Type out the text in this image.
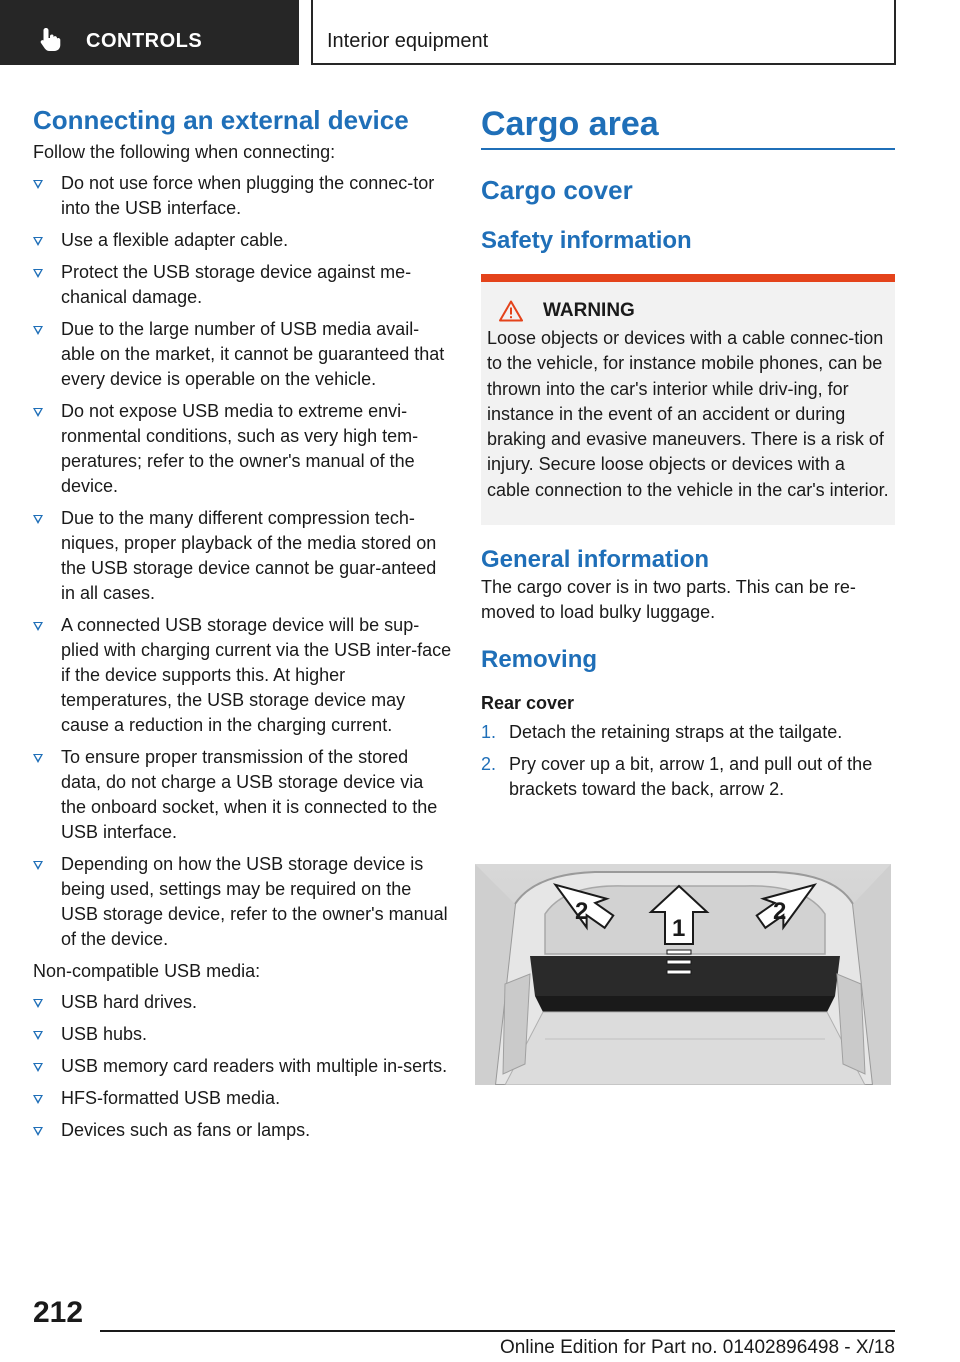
CONTROLS	Interior equipment
Connecting an external device

Follow the following when connecting:

Do not use force when plugging the connec-tor into the USB interface.
Use a flexible adapter cable.
Protect the USB storage device against me-chanical damage.
Due to the large number of USB media avail-able on the market, it cannot be guaranteed that every device is operable on the vehicle.
Do not expose USB media to extreme envi-ronmental conditions, such as very high tem-peratures; refer to the owner's manual of the device.
Due to the many different compression tech-niques, proper playback of the media stored on the USB storage device cannot be guar-anteed in all cases.
A connected USB storage device will be sup-plied with charging current via the USB inter-face if the device supports this. At higher temperatures, the USB storage device may cause a reduction in the charging current.
To ensure proper transmission of the stored data, do not charge a USB storage device via the onboard socket, when it is connected to the USB interface.
Depending on how the USB storage device is being used, settings may be required on the USB storage device, refer to the owner's manual of the device.

Non-compatible USB media:

USB hard drives.
USB hubs.
USB memory card readers with multiple in-serts.
HFS-formatted USB media.
Devices such as fans or lamps.
Cargo area
Cargo cover
Safety information
WARNING

Loose objects or devices with a cable connec-tion to the vehicle, for instance mobile phones, can be thrown into the car's interior while driv-ing, for instance in the event of an accident or during braking and evasive maneuvers. There is a risk of injury. Secure loose objects or devices with a cable connection to the vehicle in the car's interior.

General information

The cargo cover is in two parts. This can be re-moved to load bulky luggage.

Removing

Rear cover

1. Detach the retaining straps at the tailgate.
2. Pry cover up a bit, arrow 1, and pull out of the brackets toward the back, arrow 2.
2
1
2
212
Online Edition for Part no. 01402896498 - X/18
